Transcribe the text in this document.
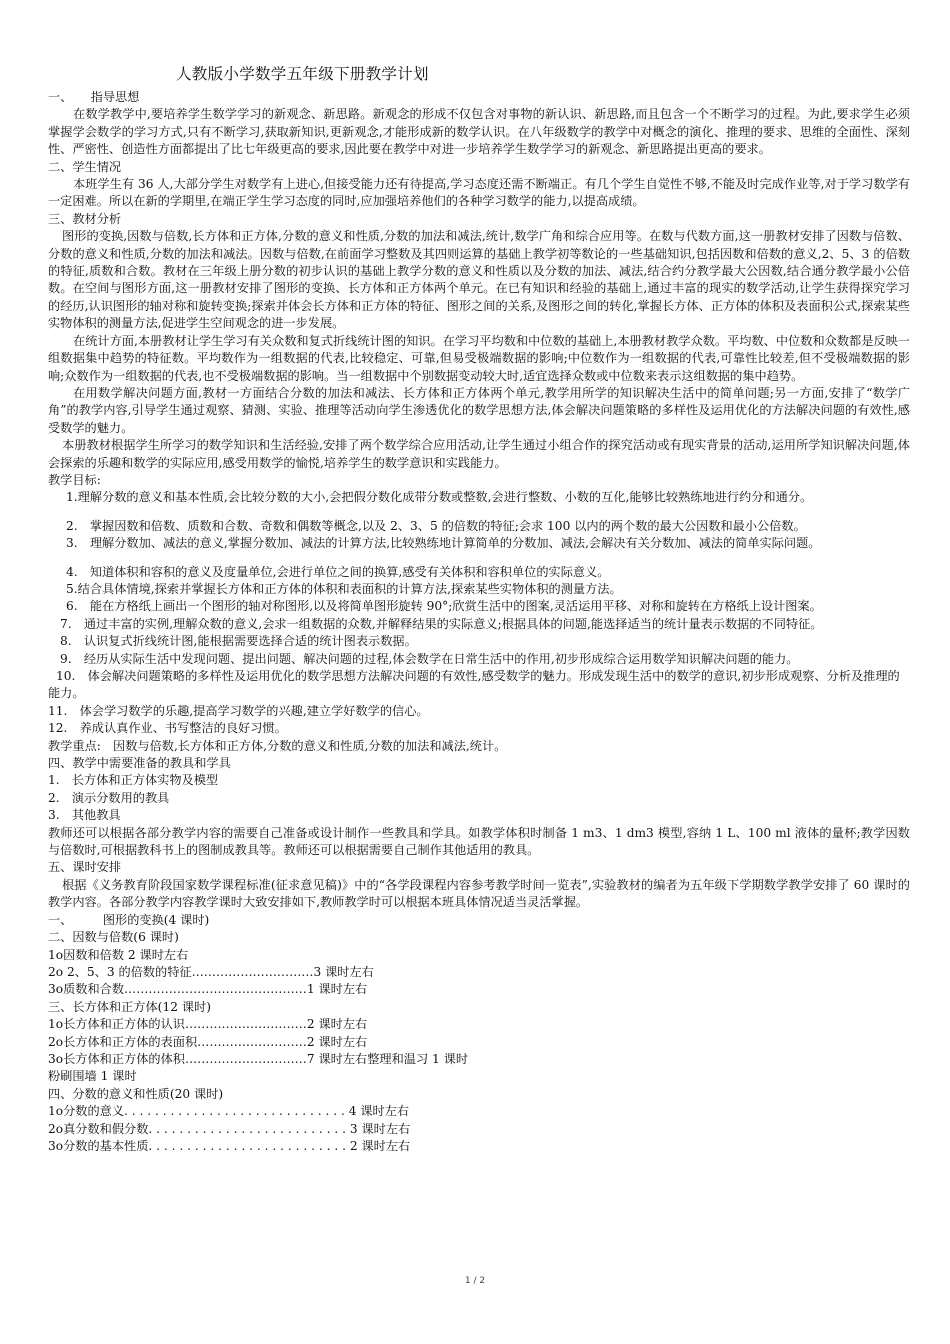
人教版小学数学五年级下册教学计划
一、　　指导思想

在数学教学中,要培养学生数学学习的新观念、新思路。新观念的形成不仅包含对事物的新认识、新思路,而且包含一个不断学习的过程。为此,要求学生必须掌握学会数学的学习方式,只有不断学习,获取新知识,更新观念,才能形成新的数学认识。在八年级数学的教学中对概念的演化、推理的要求、思维的全面性、深刻性、严密性、创造性方面都提出了比七年级更高的要求,因此要在教学中对进一步培养学生数学学习的新观念、新思路提出更高的要求。

二、学生情况

本班学生有 36 人,大部分学生对数学有上进心,但接受能力还有待提高,学习态度还需不断端正。有几个学生自觉性不够,不能及时完成作业等,对于学习数学有一定困难。所以在新的学期里,在端正学生学习态度的同时,应加强培养他们的各种学习数学的能力,以提高成绩。

三、教材分析

图形的变换,因数与倍数,长方体和正方体,分数的意义和性质,分数的加法和减法,统计,数学广角和综合应用等。在数与代数方面,这一册教材安排了因数与倍数、分数的意义和性质,分数的加法和减法。因数与倍数,在前面学习整数及其四则运算的基础上教学初等数论的一些基础知识,包括因数和倍数的意义,2、5、3 的倍数的特征,质数和合数。教材在三年级上册分数的初步认识的基础上教学分数的意义和性质以及分数的加法、减法,结合约分教学最大公因数,结合通分教学最小公倍数。在空间与图形方面,这一册教材安排了图形的变换、长方体和正方体两个单元。在已有知识和经验的基础上,通过丰富的现实的数学活动,让学生获得探究学习的经历,认识图形的轴对称和旋转变换;探索并体会长方体和正方体的特征、图形之间的关系,及图形之间的转化,掌握长方体、正方体的体积及表面积公式,探索某些实物体积的测量方法,促进学生空间观念的进一步发展。

在统计方面,本册教材让学生学习有关众数和复式折线统计图的知识。在学习平均数和中位数的基础上,本册教材教学众数。平均数、中位数和众数都是反映一组数据集中趋势的特征数。平均数作为一组数据的代表,比较稳定、可靠,但易受极端数据的影响;中位数作为一组数据的代表,可靠性比较差,但不受极端数据的影响;众数作为一组数据的代表,也不受极端数据的影响。当一组数据中个别数据变动较大时,适宜选择众数或中位数来表示这组数据的集中趋势。

在用数学解决问题方面,教材一方面结合分数的加法和减法、长方体和正方体两个单元,教学用所学的知识解决生活中的简单问题;另一方面,安排了“数学广角”的教学内容,引导学生通过观察、猜测、实验、推理等活动向学生渗透优化的数学思想方法,体会解决问题策略的多样性及运用优化的方法解决问题的有效性,感受数学的魅力。

本册教材根据学生所学习的数学知识和生活经验,安排了两个数学综合应用活动,让学生通过小组合作的探究活动或有现实背景的活动,运用所学知识解决问题,体会探索的乐趣和数学的实际应用,感受用数学的愉悦,培养学生的数学意识和实践能力。

教学目标:

1.理解分数的意义和基本性质,会比较分数的大小,会把假分数化成带分数或整数,会进行整数、小数的互化,能够比较熟练地进行约分和通分。

2.　掌握因数和倍数、质数和合数、奇数和偶数等概念,以及 2、3、5 的倍数的特征;会求 100 以内的两个数的最大公因数和最小公倍数。

3.　理解分数加、减法的意义,掌握分数加、减法的计算方法,比较熟练地计算简单的分数加、减法,会解决有关分数加、减法的简单实际问题。

4.　知道体积和容积的意义及度量单位,会进行单位之间的换算,感受有关体积和容积单位的实际意义。

5.结合具体情境,探索并掌握长方体和正方体的体积和表面积的计算方法,探索某些实物体积的测量方法。

6.　能在方格纸上画出一个图形的轴对称图形,以及将简单图形旋转 90°;欣赏生活中的图案,灵活运用平移、对称和旋转在方格纸上设计图案。

7.　通过丰富的实例,理解众数的意义,会求一组数据的众数,并解释结果的实际意义;根据具体的问题,能选择适当的统计量表示数据的不同特征。

8.　认识复式折线统计图,能根据需要选择合适的统计图表示数据。

9.　经历从实际生活中发现问题、提出问题、解决问题的过程,体会数学在日常生活中的作用,初步形成综合运用数学知识解决问题的能力。

10.　体会解决问题策略的多样性及运用优化的数学思想方法解决问题的有效性,感受数学的魅力。形成发现生活中的数学的意识,初步形成观察、分析及推理的能力。

11.　体会学习数学的乐趣,提高学习数学的兴趣,建立学好数学的信心。

12.　养成认真作业、书写整洁的良好习惯。

教学重点:　因数与倍数,长方体和正方体,分数的意义和性质,分数的加法和减法,统计。

四、教学中需要准备的教具和学具
1.　长方体和正方体实物及模型
2.　演示分数用的教具
3.　其他教具

教师还可以根据各部分教学内容的需要自己准备或设计制作一些教具和学具。如教学体积时制备 1 m3、1 dm3 模型,容纳 1 L、100 ml 液体的量杯;教学因数与倍数时,可根据教科书上的图制成教具等。教师还可以根据需要自己制作其他适用的教具。

五、课时安排

根据《义务教育阶段国家数学课程标准(征求意见稿)》中的“各学段课程内容参考教学时间一览表”,实验教材的编者为五年级下学期数学教学安排了 60 课时的教学内容。各部分教学内容教学课时大致安排如下,教师教学时可以根据本班具体情况适当灵活掌握。

一、　　　图形的变换(4 课时)
二、因数与倍数(6 课时)
1o因数和倍数 2 课时左右
2o 2、5、3 的倍数的特征…………………………3 课时左右
3o质数和合数………………………………………1 课时左右
三、长方体和正方体(12 课时)
1o长方体和正方体的认识…………………………2 课时左右
2o长方体和正方体的表面积………………………2 课时左右
3o长方体和正方体的体积…………………………7 课时左右整理和温习 1 课时
粉刷围墙 1 课时
四、分数的意义和性质(20 课时)
1o分数的意义. . . . . . . . . . . . . . . . . . . . . . . . . . . . . 4 课时左右
2o真分数和假分数. . . . . . . . . . . . . . . . . . . . . . . . . . 3 课时左右
3o分数的基本性质. . . . . . . . . . . . . . . . . . . . . . . . . . 2 课时左右
1 / 2
